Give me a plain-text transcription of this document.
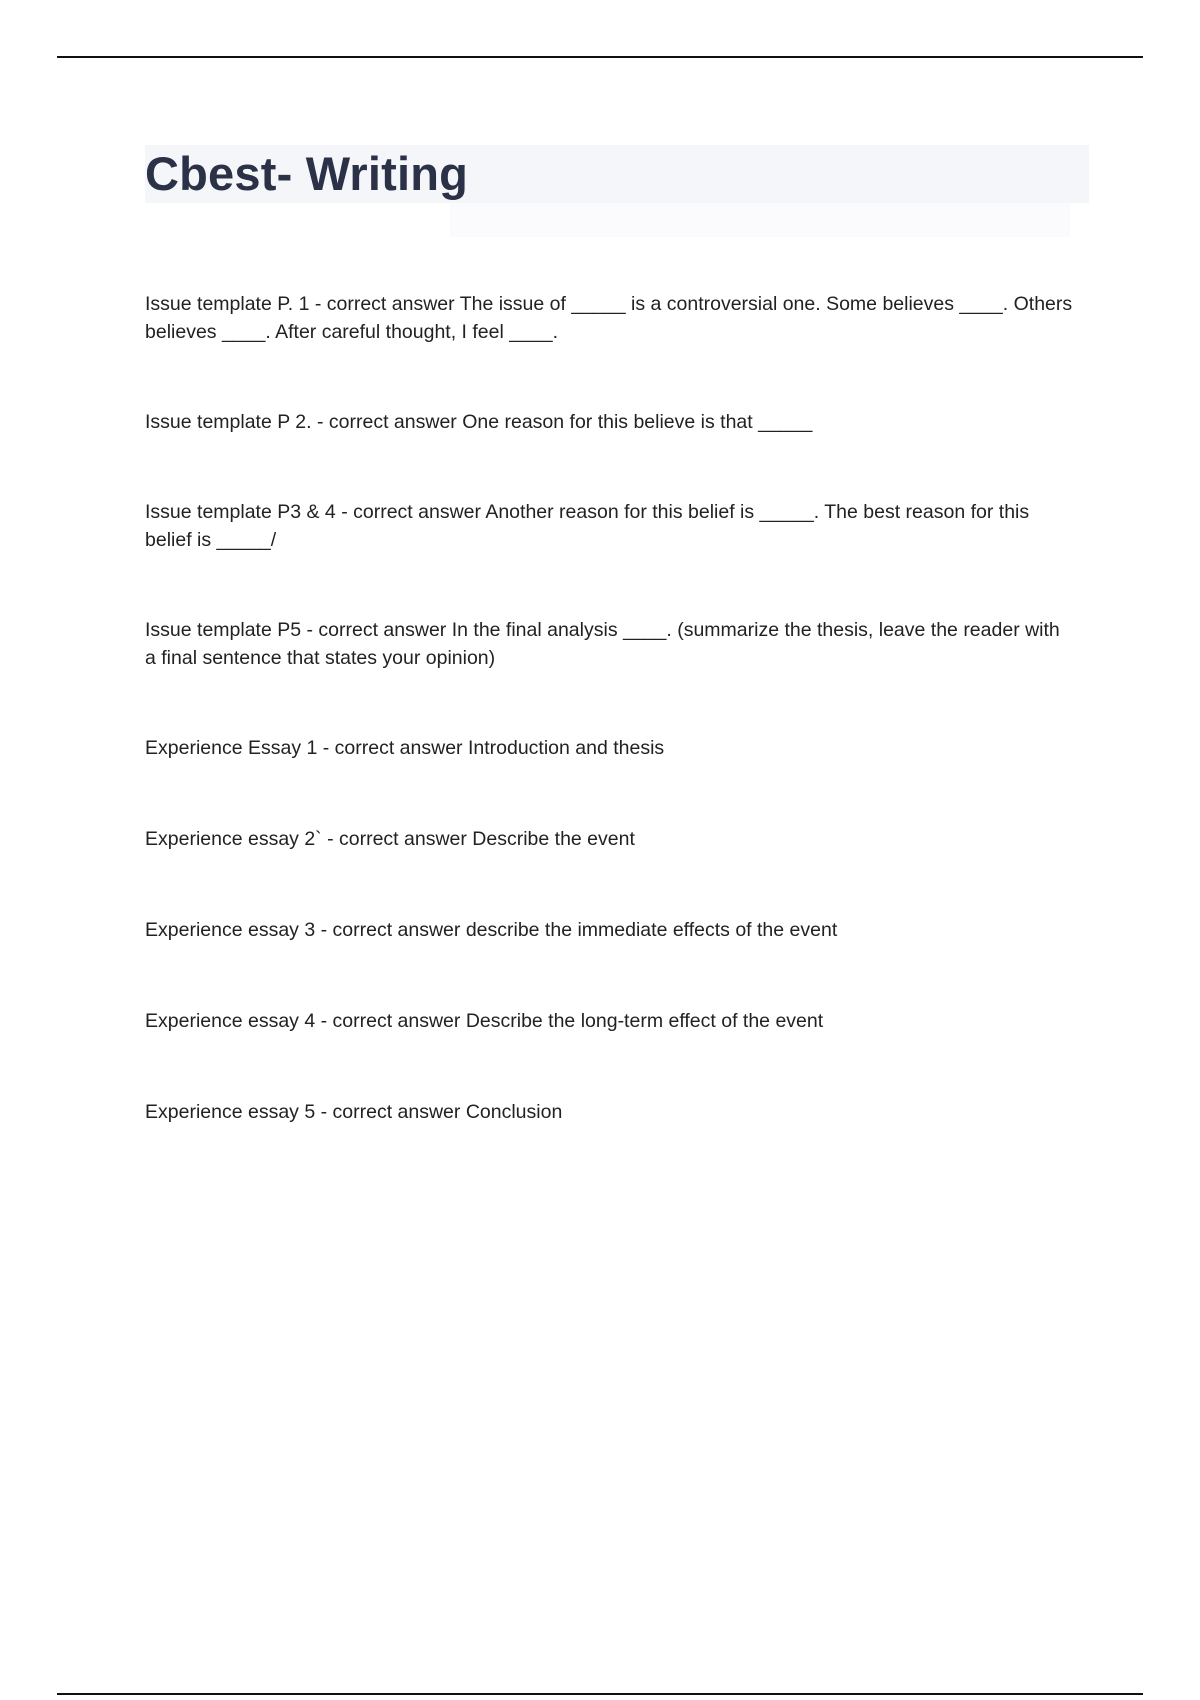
Cbest- Writing
Issue template P. 1 - correct answer The issue of _____ is a controversial one. Some believes ____. Others believes ____. After careful thought, I feel ____.
Issue template P 2. - correct answer One reason for this believe is that _____
Issue template P3 & 4 - correct answer Another reason for this belief is _____. The best reason for this belief is _____/
Issue template P5 - correct answer In the final analysis ____. (summarize the thesis, leave the reader with a final sentence that states your opinion)
Experience Essay 1 - correct answer Introduction and thesis
Experience essay 2` - correct answer Describe the event
Experience essay 3 - correct answer describe the immediate effects of the event
Experience essay 4 - correct answer Describe the long-term effect of the event
Experience essay 5 - correct answer Conclusion
